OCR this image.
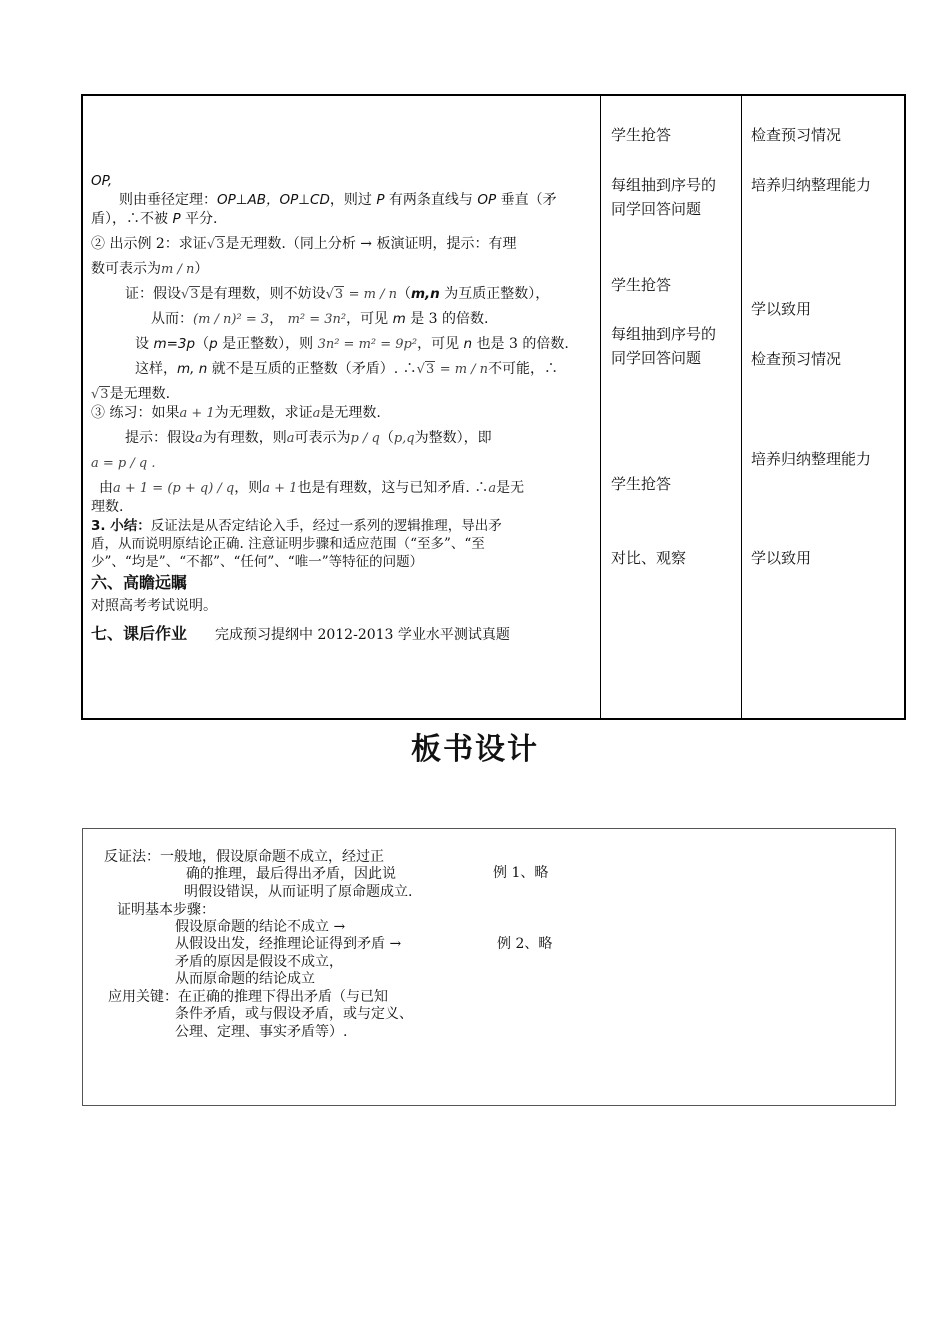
OP,

则由垂径定理：OP⊥AB，OP⊥CD，则过 P 有两条直线与 OP 垂直（矛

盾），∴不被 P 平分.

② 出示例 2：求证√3是无理数.（同上分析 → 板演证明，提示：有理

数可表示为m / n）

证：假设√3是有理数，则不妨设√3 = m / n（m,n 为互质正整数），

从而：(m / n)² = 3， m² = 3n²，可见 m 是 3 的倍数.

设 m=3p（p 是正整数），则 3n² = m² = 9p²，可见 n 也是 3 的倍数.

这样，m, n 就不是互质的正整数（矛盾）. ∴√3 = m / n不可能，∴

√3是无理数.

③ 练习：如果a + 1为无理数，求证a是无理数.

提示：假设a为有理数，则a可表示为p / q（p,q为整数），即

a = p / q .

由a + 1 = (p + q) / q，则a + 1也是有理数，这与已知矛盾. ∴a是无

理数.

3. 小结：反证法是从否定结论入手，经过一系列的逻辑推理，导出矛
盾，从而说明原结论正确. 注意证明步骤和适应范围（“至多”、“至
少”、“均是”、“不都”、“任何”、“唯一”等特征的问题）

六、高瞻远瞩

对照高考考试说明。

七、课后作业 完成预习提纲中 2012-2013 学业水平测试真题

学生抢答
每组抽到序号的
同学回答问题
学生抢答
每组抽到序号的
同学回答问题
学生抢答
对比、观察
检查预习情况
培养归纳整理能力
学以致用
检查预习情况
培养归纳整理能力
学以致用
板书设计
反证法：一般地，假设原命题不成立，经过正
确的推理，最后得出矛盾，因此说
明假设错误，从而证明了原命题成立.
证明基本步骤：
假设原命题的结论不成立 →
从假设出发，经推理论证得到矛盾 →
矛盾的原因是假设不成立，
从而原命题的结论成立
应用关键：在正确的推理下得出矛盾（与已知
条件矛盾，或与假设矛盾，或与定义、
公理、定理、事实矛盾等）.
例 1、略
例 2、略
